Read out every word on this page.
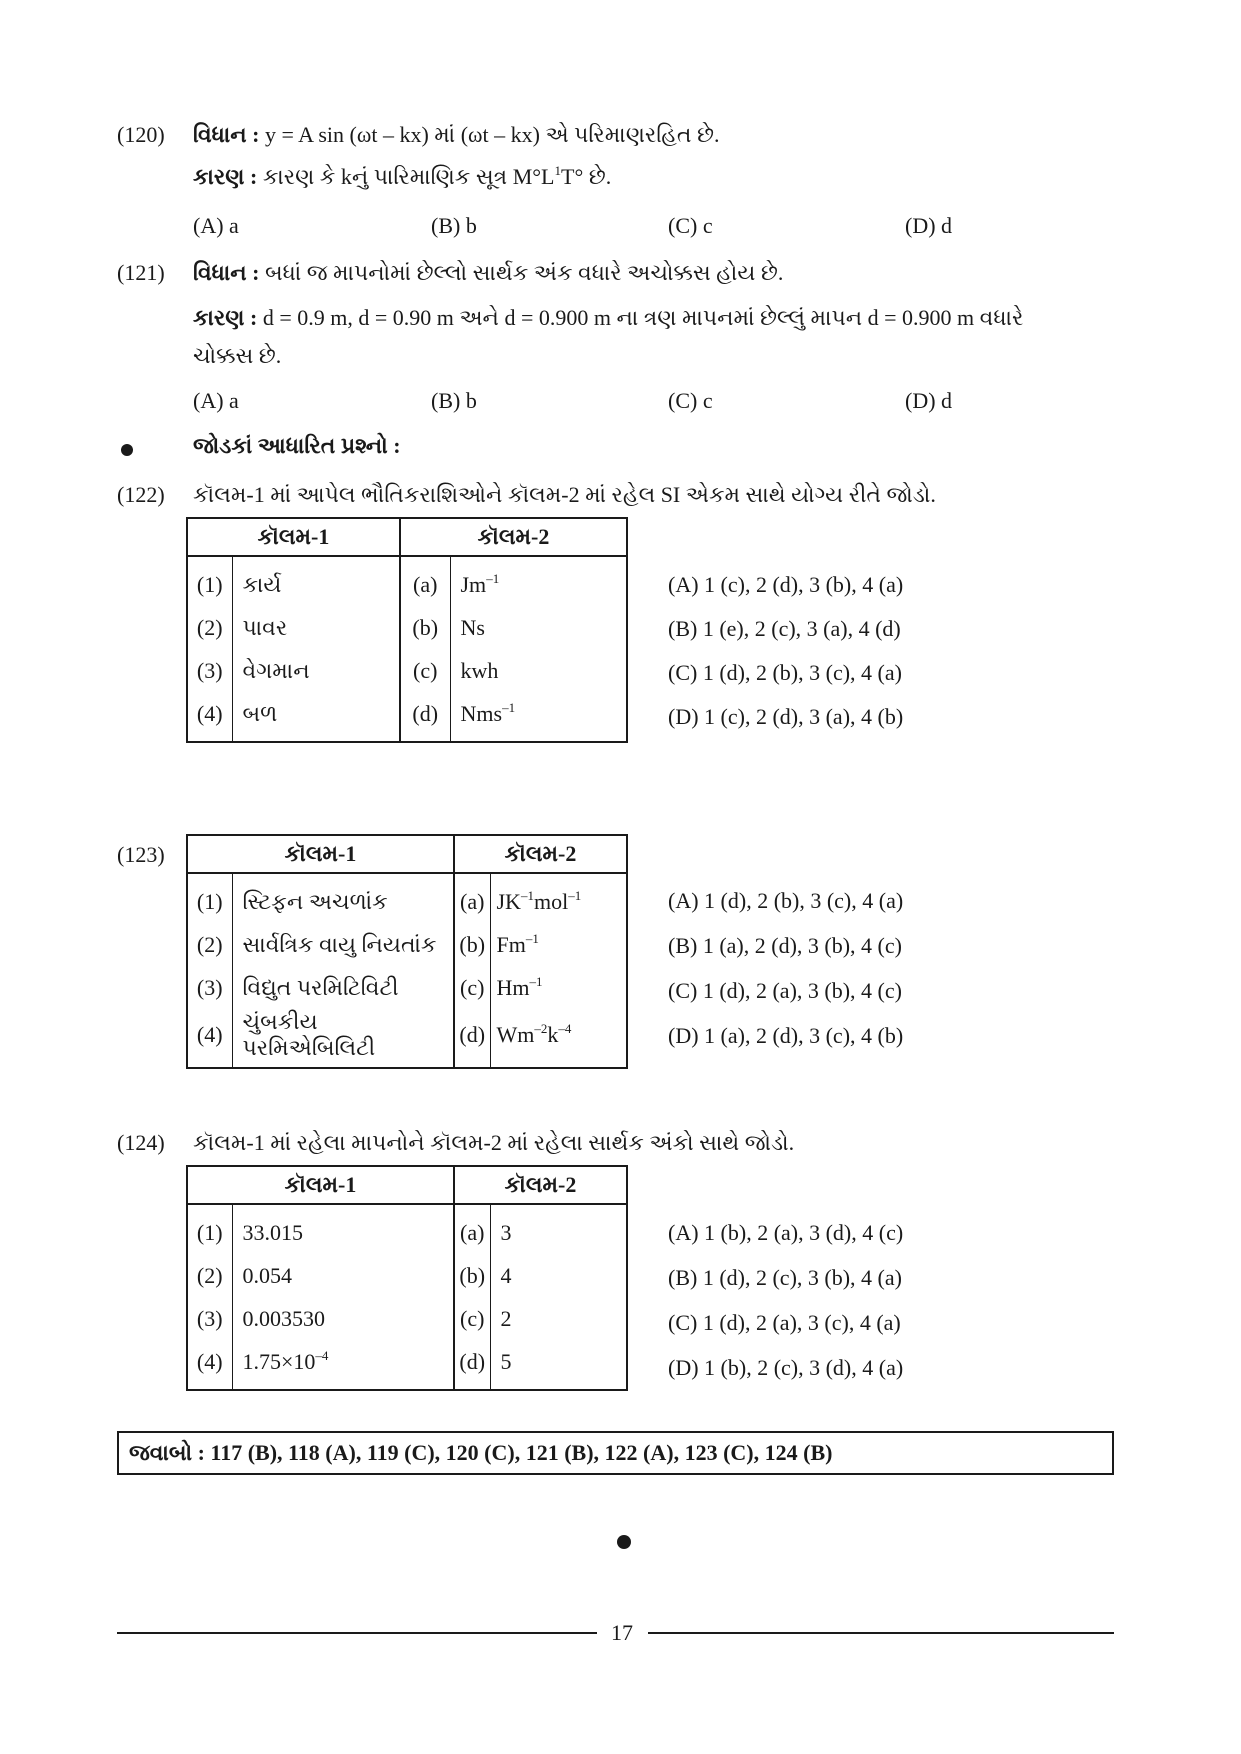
(120) વિધાન : y = A sin (ωt – kx) માં (ωt – kx) એ પરિમાણરહિત છે.
કારણ : કારણ કે kનું પારિમાણિક સૂત્ર $M^\circ L^1T^\circ$ છે.
(A) a	(B) b	(C) c	(D) d
(121) વિધાન : બધાં જ માપનોમાં છેલ્લો સાર્થક અંક વધારે અચોક્કસ હોય છે.
કારણ : d = 0.9 m, d = 0.90 m અને d = 0.900 m ના ત્રણ માપનમાં છેલ્લું માપન d = 0.900 m વધારે
ચોક્કસ છે.
(A) a	(B) b	(C) c	(D) d
જોડકાં આધારિત પ્રશ્નો :
(122) કૉલમ-1 માં આપેલ ભૌતિકરાશિઓને કૉલમ-2 માં રહેલ SI એકમ સાથે યોગ્ય રીતે જોડો.
કૉલમ-1		કૉલમ-2	
(1)	કાર્ય	(a)	$Jm^{-1}$
(2)	પાવર	(b)	Ns
(3)	વેગમાન	(c)	kwh
(4)	બળ	(d)	Nms$^{-1}$
(A) 1 (c), 2 (d), 3 (b), 4 (a)
(B) 1 (e), 2 (c), 3 (a), 4 (d)
(C) 1 (d), 2 (b), 3 (c), 4 (a)
(D) 1 (c), 2 (d), 3 (a), 4 (b)
(123)	કૉલમ-1		કૉલમ-2	
(1)	સ્ટિફન અચળાંક	(a)	$JK^{-1}mol^{-1}$
(2)	સાર્વત્રિક વાયુ નિયતાંક	(b)	$Fm^{-1}$
(3)	વિદ્યુત પરમિટિવિટી	(c)	$Hm^{-1}$
(4)	ચુંબકીય પરમિએબિલિટી	(d)	$Wm^{-2}k^{-4}$
(A) 1 (d), 2 (b), 3 (c), 4 (a)
(B) 1 (a), 2 (d), 3 (b), 4 (c)
(C) 1 (d), 2 (a), 3 (b), 4 (c)
(D) 1 (a), 2 (d), 3 (c), 4 (b)
(124) કૉલમ-1 માં રહેલા માપનોને કૉલમ-2 માં રહેલા સાર્થક અંકો સાથે જોડો.
કૉલમ-1		કૉલમ-2	
(1)	33.015	(a)	3
(2)	0.054	(b)	4
(3)	0.003530	(c)	2
(4)	$1.75\times 10^{-4}$	(d)	5
(A) 1 (b), 2 (a), 3 (d), 4 (c)
(B) 1 (d), 2 (c), 3 (b), 4 (a)
(C) 1 (d), 2 (a), 3 (c), 4 (a)
(D) 1 (b), 2 (c), 3 (d), 4 (a)
જવાબો : 117 (B), 118 (A), 119 (C), 120 (C), 121 (B), 122 (A), 123 (C), 124 (B)
17
